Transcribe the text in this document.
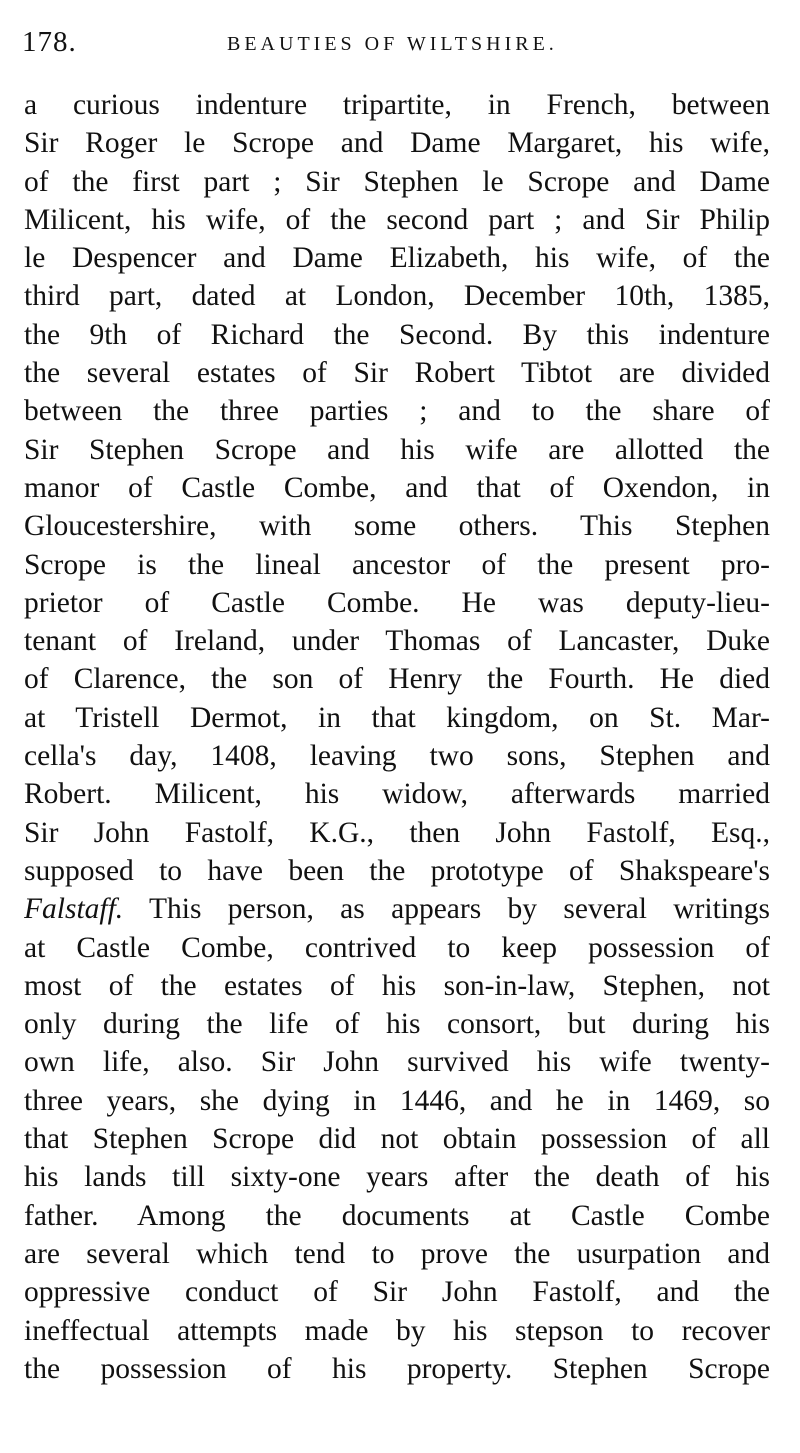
178.	BEAUTIES OF WILTSHIRE.
a curious indenture tripartite, in French, between
Sir Roger le Scrope and Dame Margaret, his wife,
of the first part ; Sir Stephen le Scrope and Dame
Milicent, his wife, of the second part ; and Sir Philip
le Despencer and Dame Elizabeth, his wife, of the
third part, dated at London, December 10th, 1385,
the 9th of Richard the Second. By this indenture
the several estates of Sir Robert Tibtot are divided
between the three parties ; and to the share of
Sir Stephen Scrope and his wife are allotted the
manor of Castle Combe, and that of Oxendon, in
Gloucestershire, with some others. This Stephen
Scrope is the lineal ancestor of the present pro-
prietor of Castle Combe. He was deputy-lieu-
tenant of Ireland, under Thomas of Lancaster, Duke
of Clarence, the son of Henry the Fourth. He died
at Tristell Dermot, in that kingdom, on St. Mar-
cella's day, 1408, leaving two sons, Stephen and
Robert. Milicent, his widow, afterwards married
Sir John Fastolf, K.G., then John Fastolf, Esq.,
supposed to have been the prototype of Shakspeare's
Falstaff. This person, as appears by several writings
at Castle Combe, contrived to keep possession of
most of the estates of his son-in-law, Stephen, not
only during the life of his consort, but during his
own life, also. Sir John survived his wife twenty-
three years, she dying in 1446, and he in 1469, so
that Stephen Scrope did not obtain possession of all
his lands till sixty-one years after the death of his
father. Among the documents at Castle Combe
are several which tend to prove the usurpation and
oppressive conduct of Sir John Fastolf, and the
ineffectual attempts made by his stepson to recover
the possession of his property. Stephen Scrope
